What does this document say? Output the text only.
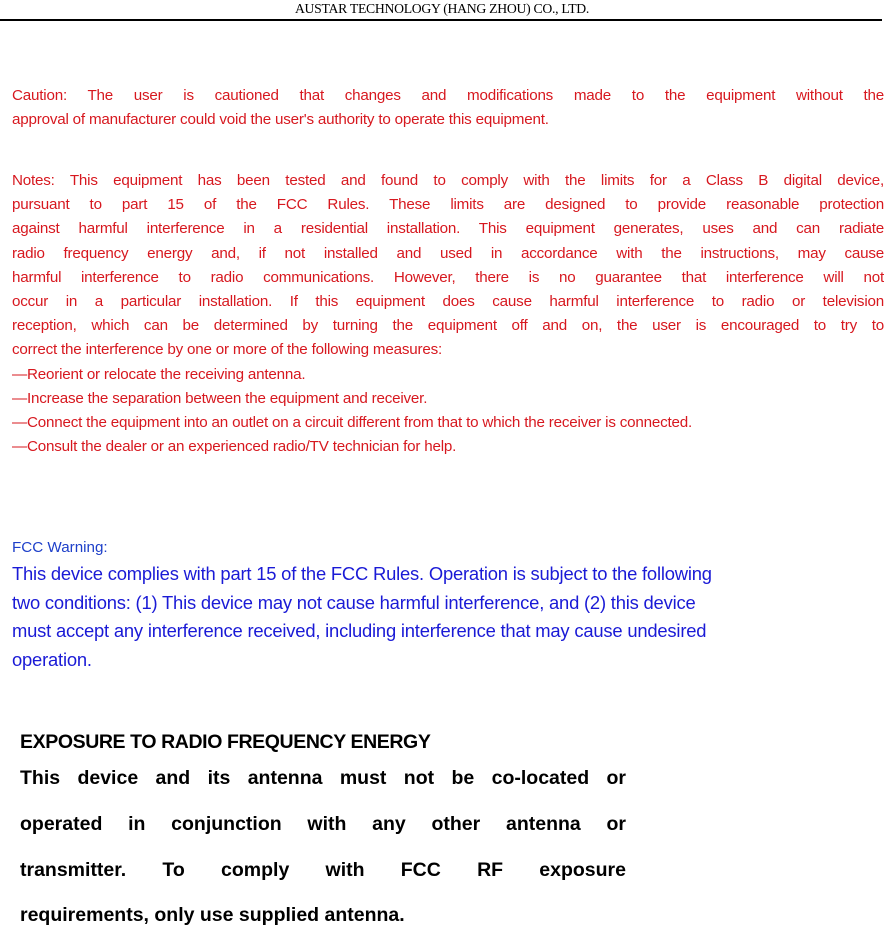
AUSTAR TECHNOLOGY (HANG ZHOU) CO., LTD.
Caution: The user is cautioned that changes and modifications made to the equipment without the
approval of manufacturer could void the user's authority to operate this equipment.
Notes: This equipment has been tested and found to comply with the limits for a Class B digital device,
pursuant to part 15 of the FCC Rules. These limits are designed to provide reasonable protection
against harmful interference in a residential installation. This equipment generates, uses and can radiate
radio frequency energy and, if not installed and used in accordance with the instructions, may cause
harmful interference to radio communications. However, there is no guarantee that interference will not
occur in a particular installation. If this equipment does cause harmful interference to radio or television
reception, which can be determined by turning the equipment off and on, the user is encouraged to try to
correct the interference by one or more of the following measures:
—Reorient or relocate the receiving antenna.
—Increase the separation between the equipment and receiver.
—Connect the equipment into an outlet on a circuit different from that to which the receiver is connected.
—Consult the dealer or an experienced radio/TV technician for help.
FCC Warning:
This device complies with part 15 of the FCC Rules. Operation is subject to the following
two conditions: (1) This device may not cause harmful interference, and (2) this device
must accept any interference received, including interference that may cause undesired
operation.
EXPOSURE TO RADIO FREQUENCY ENERGY
This device and its antenna must not be co-located or
operated in conjunction with any other antenna or
transmitter. To comply with FCC RF exposure
requirements, only use supplied antenna.
